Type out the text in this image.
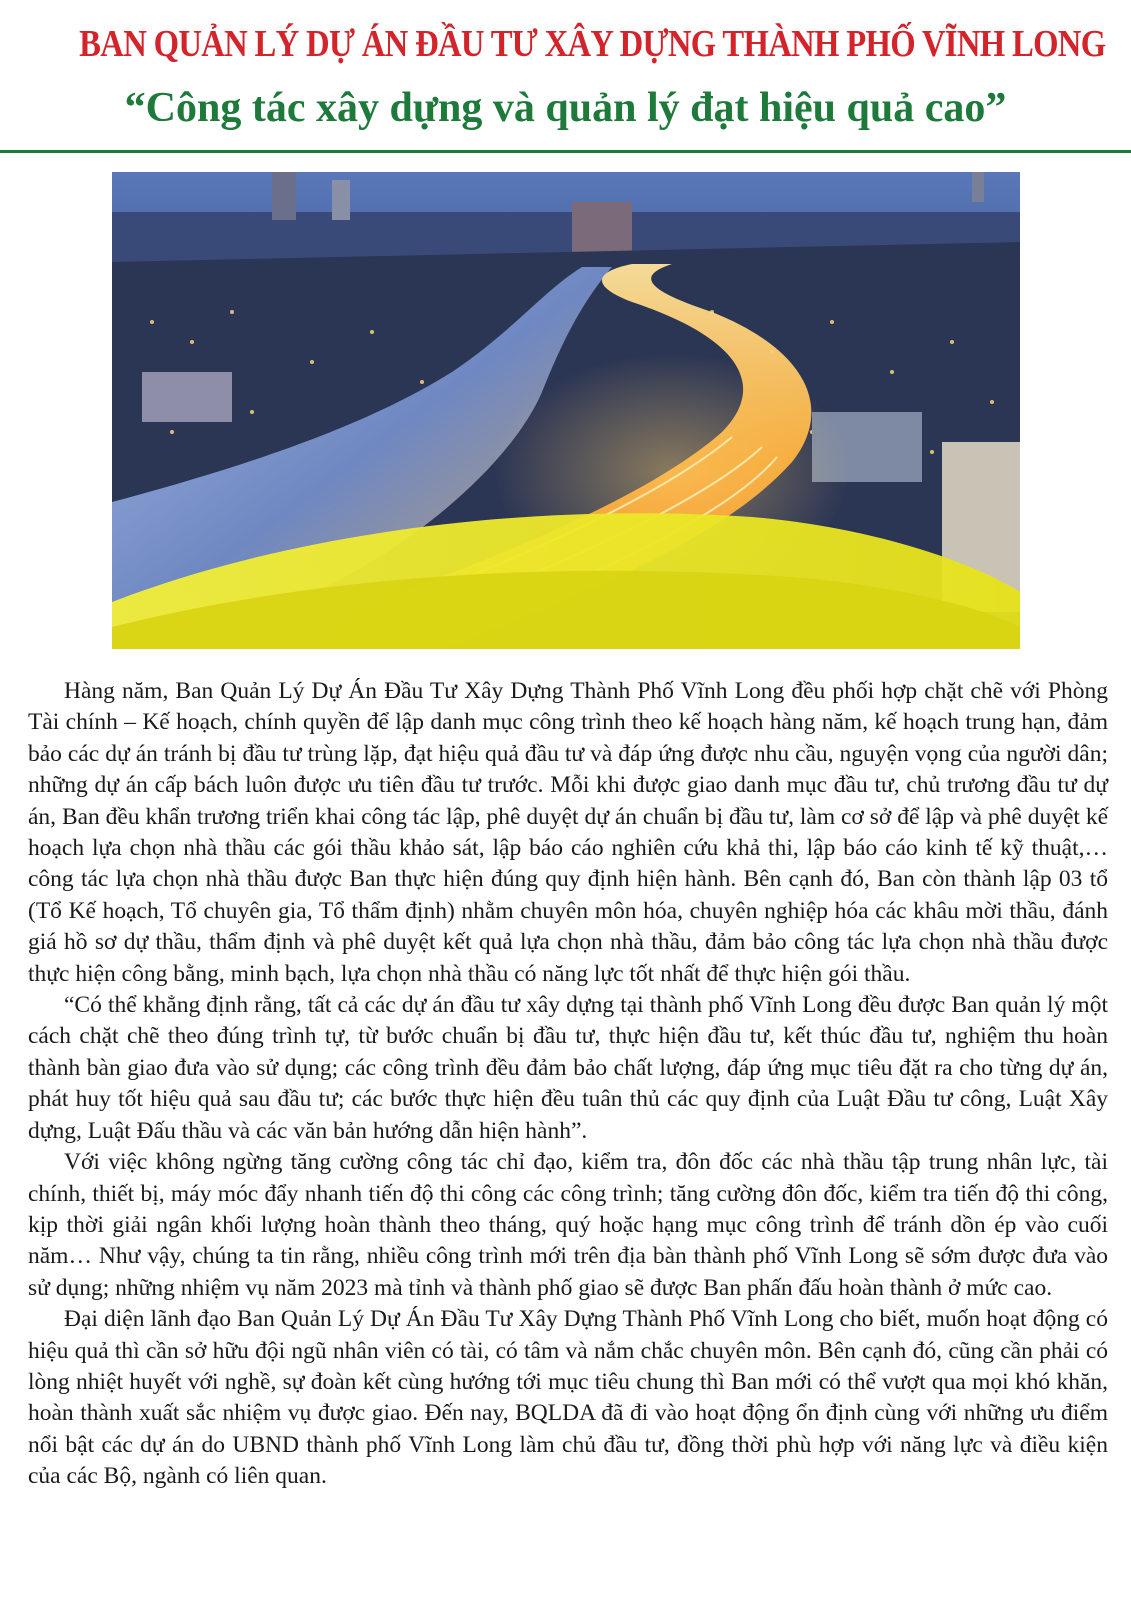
BAN QUẢN LÝ DỰ ÁN ĐẦU TƯ XÂY DỰNG THÀNH PHỐ VĨNH LONG
“Công tác xây dựng và quản lý đạt hiệu quả cao”

Hàng năm, Ban Quản Lý Dự Án Đầu Tư Xây Dựng Thành Phố Vĩnh Long đều phối hợp chặt chẽ với Phòng Tài chính – Kế hoạch, chính quyền để lập danh mục công trình theo kế hoạch hàng năm, kế hoạch trung hạn, đảm bảo các dự án tránh bị đầu tư trùng lặp, đạt hiệu quả đầu tư và đáp ứng được nhu cầu, nguyện vọng của người dân; những dự án cấp bách luôn được ưu tiên đầu tư trước. Mỗi khi được giao danh mục đầu tư, chủ trương đầu tư dự án, Ban đều khẩn trương triển khai công tác lập, phê duyệt dự án chuẩn bị đầu tư, làm cơ sở để lập và phê duyệt kế hoạch lựa chọn nhà thầu các gói thầu khảo sát, lập báo cáo nghiên cứu khả thi, lập báo cáo kinh tế kỹ thuật,… công tác lựa chọn nhà thầu được Ban thực hiện đúng quy định hiện hành. Bên cạnh đó, Ban còn thành lập 03 tổ (Tổ Kế hoạch, Tổ chuyên gia, Tổ thẩm định) nhằm chuyên môn hóa, chuyên nghiệp hóa các khâu mời thầu, đánh giá hồ sơ dự thầu, thẩm định và phê duyệt kết quả lựa chọn nhà thầu, đảm bảo công tác lựa chọn nhà thầu được thực hiện công bằng, minh bạch, lựa chọn nhà thầu có năng lực tốt nhất để thực hiện gói thầu.

“Có thể khẳng định rằng, tất cả các dự án đầu tư xây dựng tại thành phố Vĩnh Long đều được Ban quản lý một cách chặt chẽ theo đúng trình tự, từ bước chuẩn bị đầu tư, thực hiện đầu tư, kết thúc đầu tư, nghiệm thu hoàn thành bàn giao đưa vào sử dụng; các công trình đều đảm bảo chất lượng, đáp ứng mục tiêu đặt ra cho từng dự án, phát huy tốt hiệu quả sau đầu tư; các bước thực hiện đều tuân thủ các quy định của Luật Đầu tư công, Luật Xây dựng, Luật Đấu thầu và các văn bản hướng dẫn hiện hành”.

Với việc không ngừng tăng cường công tác chỉ đạo, kiểm tra, đôn đốc các nhà thầu tập trung nhân lực, tài chính, thiết bị, máy móc đẩy nhanh tiến độ thi công các công trình; tăng cường đôn đốc, kiểm tra tiến độ thi công, kịp thời giải ngân khối lượng hoàn thành theo tháng, quý hoặc hạng mục công trình để tránh dồn ép vào cuối năm… Như vậy, chúng ta tin rằng, nhiều công trình mới trên địa bàn thành phố Vĩnh Long sẽ sớm được đưa vào sử dụng; những nhiệm vụ năm 2023 mà tỉnh và thành phố giao sẽ được Ban phấn đấu hoàn thành ở mức cao.

Đại diện lãnh đạo Ban Quản Lý Dự Án Đầu Tư Xây Dựng Thành Phố Vĩnh Long cho biết, muốn hoạt động có hiệu quả thì cần sở hữu đội ngũ nhân viên có tài, có tâm và nắm chắc chuyên môn. Bên cạnh đó, cũng cần phải có lòng nhiệt huyết với nghề, sự đoàn kết cùng hướng tới mục tiêu chung thì Ban mới có thể vượt qua mọi khó khăn, hoàn thành xuất sắc nhiệm vụ được giao. Đến nay, BQLDA đã đi vào hoạt động ổn định cùng với những ưu điểm nổi bật các dự án do UBND thành phố Vĩnh Long làm chủ đầu tư, đồng thời phù hợp với năng lực và điều kiện của các Bộ, ngành có liên quan.
